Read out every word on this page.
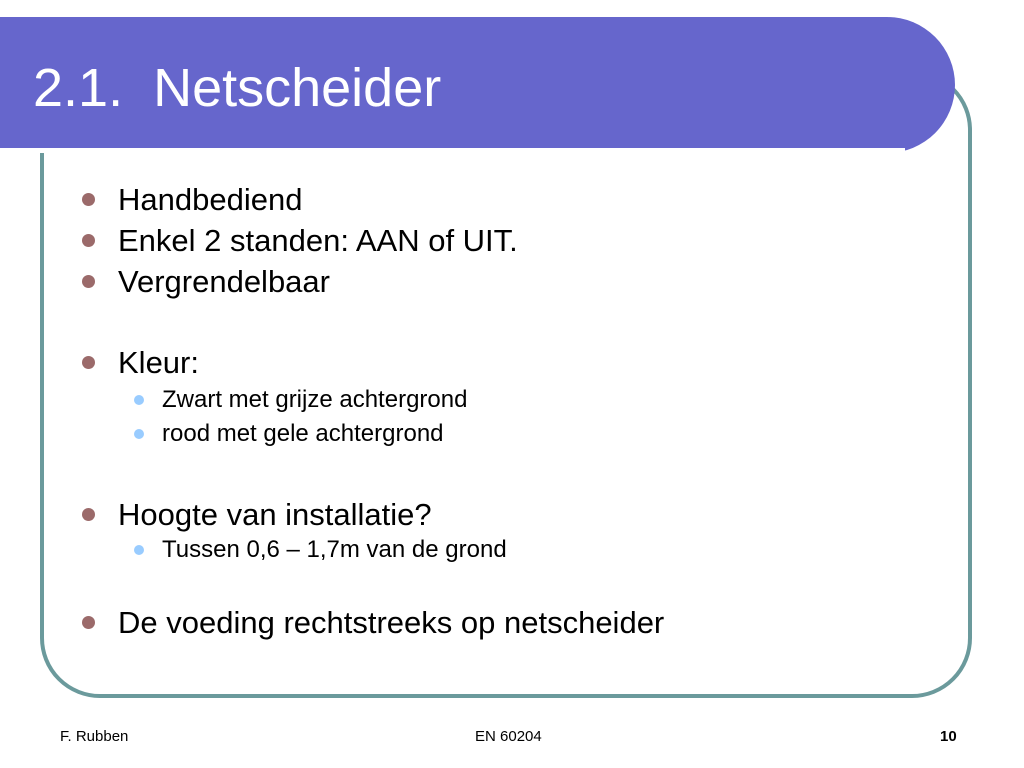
2.1.  Netscheider
Handbediend
Enkel 2 standen: AAN of UIT.
Vergrendelbaar
Kleur:
Zwart met grijze achtergrond
rood met gele achtergrond
Hoogte van installatie?
Tussen 0,6 – 1,7m van de grond
De voeding rechtstreeks op netscheider
F. Rubben	EN 60204	10
